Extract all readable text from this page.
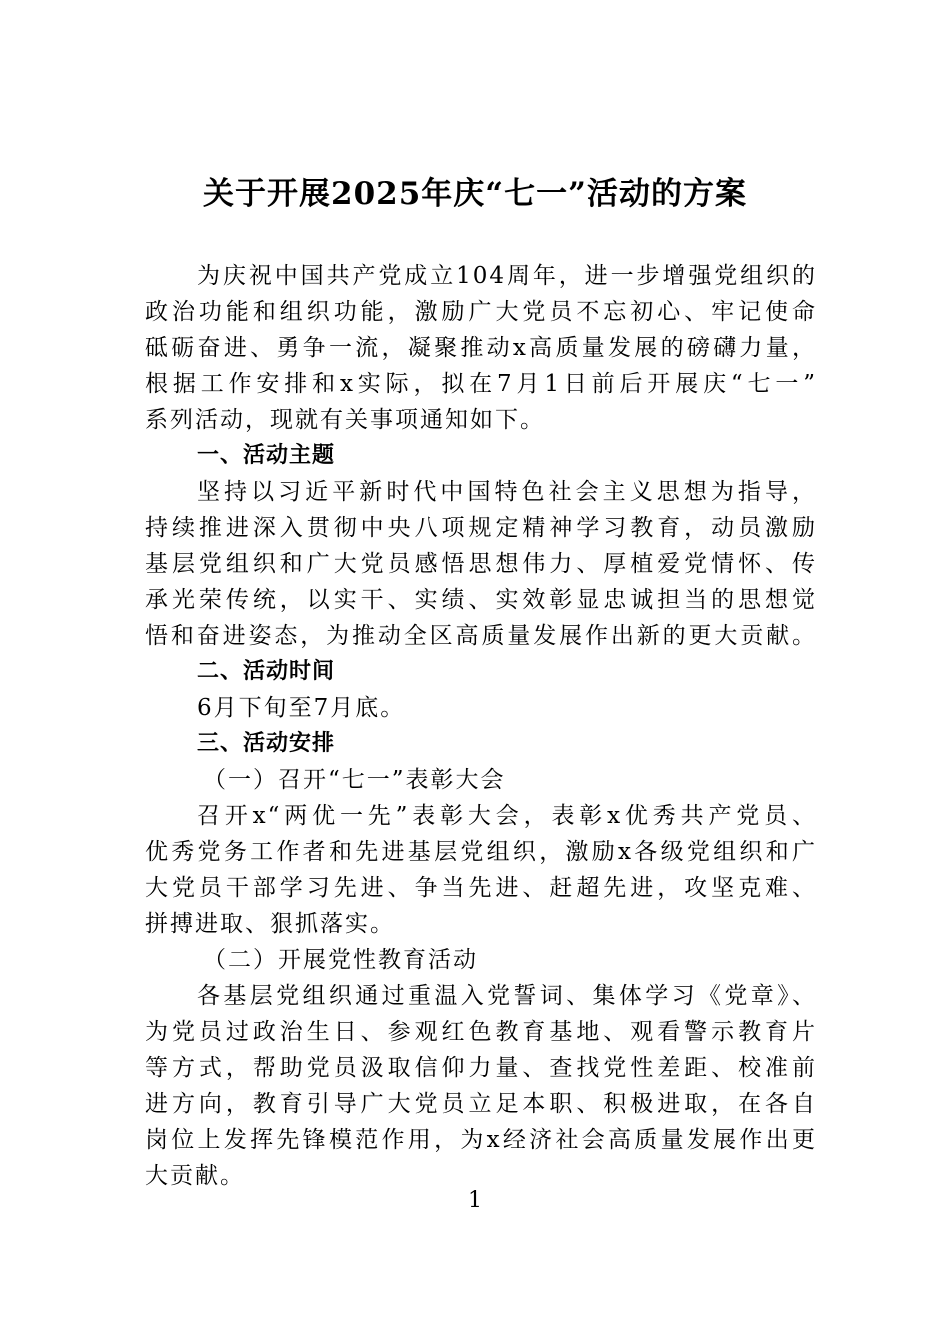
关于开展2025年庆“七一”活动的方案

为庆祝中国共产党成立104周年，进一步增强党组织的

政治功能和组织功能，激励广大党员不忘初心、牢记使命

砥砺奋进、勇争一流，凝聚推动x高质量发展的磅礴力量，

根据工作安排和x实际，拟在7月1日前后开展庆“七一”

系列活动，现就有关事项通知如下。

一、活动主题

坚持以习近平新时代中国特色社会主义思想为指导，

持续推进深入贯彻中央八项规定精神学习教育，动员激励

基层党组织和广大党员感悟思想伟力、厚植爱党情怀、传

承光荣传统，以实干、实绩、实效彰显忠诚担当的思想觉

悟和奋进姿态，为推动全区高质量发展作出新的更大贡献。

二、活动时间

6月下旬至7月底。

三、活动安排

（一）召开“七一”表彰大会

召开x“两优一先”表彰大会，表彰x优秀共产党员、

优秀党务工作者和先进基层党组织，激励x各级党组织和广

大党员干部学习先进、争当先进、赶超先进，攻坚克难、

拼搏进取、狠抓落实。

（二）开展党性教育活动

各基层党组织通过重温入党誓词、集体学习《党章》、

为党员过政治生日、参观红色教育基地、观看警示教育片

等方式，帮助党员汲取信仰力量、查找党性差距、校准前

进方向，教育引导广大党员立足本职、积极进取，在各自

岗位上发挥先锋模范作用，为x经济社会高质量发展作出更

大贡献。

1
